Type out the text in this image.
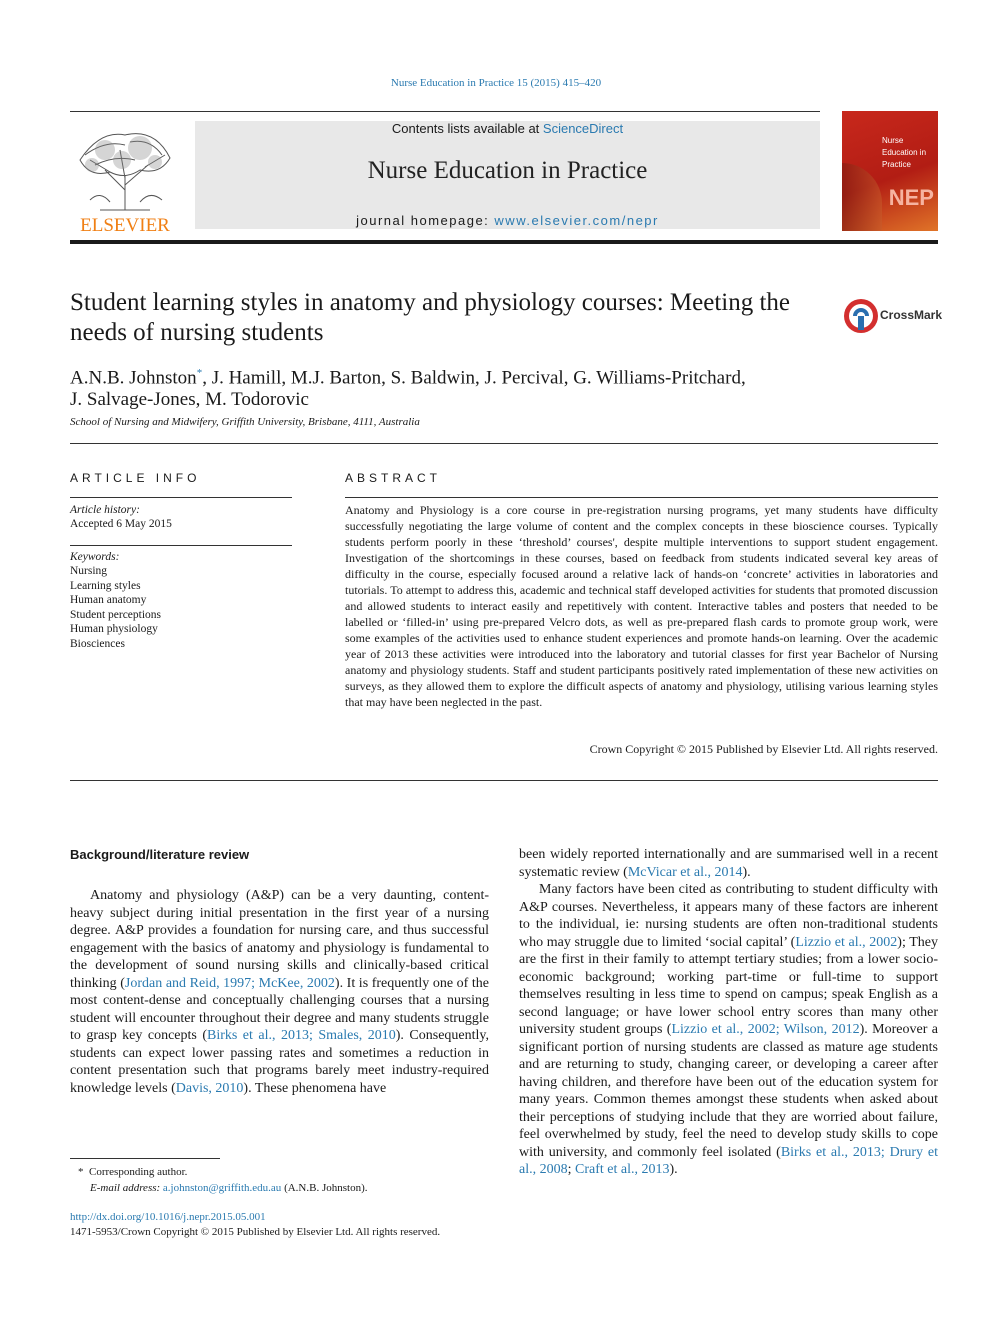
Nurse Education in Practice 15 (2015) 415–420
ELSEVIER
Contents lists available at ScienceDirect
Nurse Education in Practice
journal homepage: www.elsevier.com/nepr
Nurse
Education in
Practice
NEP
Student learning styles in anatomy and physiology courses: Meeting the needs of nursing students
CrossMark
A.N.B. Johnston*, J. Hamill, M.J. Barton, S. Baldwin, J. Percival, G. Williams-Pritchard,
J. Salvage-Jones, M. Todorovic
School of Nursing and Midwifery, Griffith University, Brisbane, 4111, Australia
ARTICLE INFO	ABSTRACT
Article history:
Accepted 6 May 2015
Keywords:
Nursing
Learning styles
Human anatomy
Student perceptions
Human physiology
Biosciences
Anatomy and Physiology is a core course in pre-registration nursing programs, yet many students have difficulty successfully negotiating the large volume of content and the complex concepts in these bioscience courses. Typically students perform poorly in these ‘threshold’ courses', despite multiple interventions to support student engagement. Investigation of the shortcomings in these courses, based on feedback from students indicated several key areas of difficulty in the course, especially focused around a relative lack of hands-on ‘concrete’ activities in laboratories and tutorials. To attempt to address this, academic and technical staff developed activities for students that promoted discussion and allowed students to interact easily and repetitively with content. Interactive tables and posters that needed to be labelled or ‘filled-in’ using pre-prepared Velcro dots, as well as pre-prepared flash cards to promote group work, were some examples of the activities used to enhance student experiences and promote hands-on learning. Over the academic year of 2013 these activities were introduced into the laboratory and tutorial classes for first year Bachelor of Nursing anatomy and physiology students. Staff and student participants positively rated implementation of these new activities on surveys, as they allowed them to explore the difficult aspects of anatomy and physiology, utilising various learning styles that may have been neglected in the past.
Crown Copyright © 2015 Published by Elsevier Ltd. All rights reserved.
Background/literature review

Anatomy and physiology (A&P) can be a very daunting, content-heavy subject during initial presentation in the first year of a nursing degree. A&P provides a foundation for nursing care, and thus successful engagement with the basics of anatomy and physiology is fundamental to the development of sound nursing skills and clinically-based critical thinking (Jordan and Reid, 1997; McKee, 2002). It is frequently one of the most content-dense and conceptually challenging courses that a nursing student will encounter throughout their degree and many students struggle to grasp key concepts (Birks et al., 2013; Smales, 2010). Consequently, students can expect lower passing rates and sometimes a reduction in content presentation such that programs barely meet industry-required knowledge levels (Davis, 2010). These phenomena have

been widely reported internationally and are summarised well in a recent systematic review (McVicar et al., 2014).

Many factors have been cited as contributing to student difficulty with A&P courses. Nevertheless, it appears many of these factors are inherent to the individual, ie: nursing students are often non-traditional students who may struggle due to limited ‘social capital’ (Lizzio et al., 2002); They are the first in their family to attempt tertiary studies; from a lower socio-economic background; working part-time or full-time to support themselves resulting in less time to spend on campus; speak English as a second language; or have lower school entry scores than many other university student groups (Lizzio et al., 2002; Wilson, 2012). Moreover a significant portion of nursing students are classed as mature age students and are returning to study, changing career, or developing a career after having children, and therefore have been out of the education system for many years. Common themes amongst these students when asked about their perceptions of studying include that they are worried about failure, feel overwhelmed by study, feel the need to develop study skills to cope with university, and commonly feel isolated (Birks et al., 2013; Drury et al., 2008; Craft et al., 2013).

* Corresponding author.
E-mail address: a.johnston@griffith.edu.au (A.N.B. Johnston).
http://dx.doi.org/10.1016/j.nepr.2015.05.001
1471-5953/Crown Copyright © 2015 Published by Elsevier Ltd. All rights reserved.
